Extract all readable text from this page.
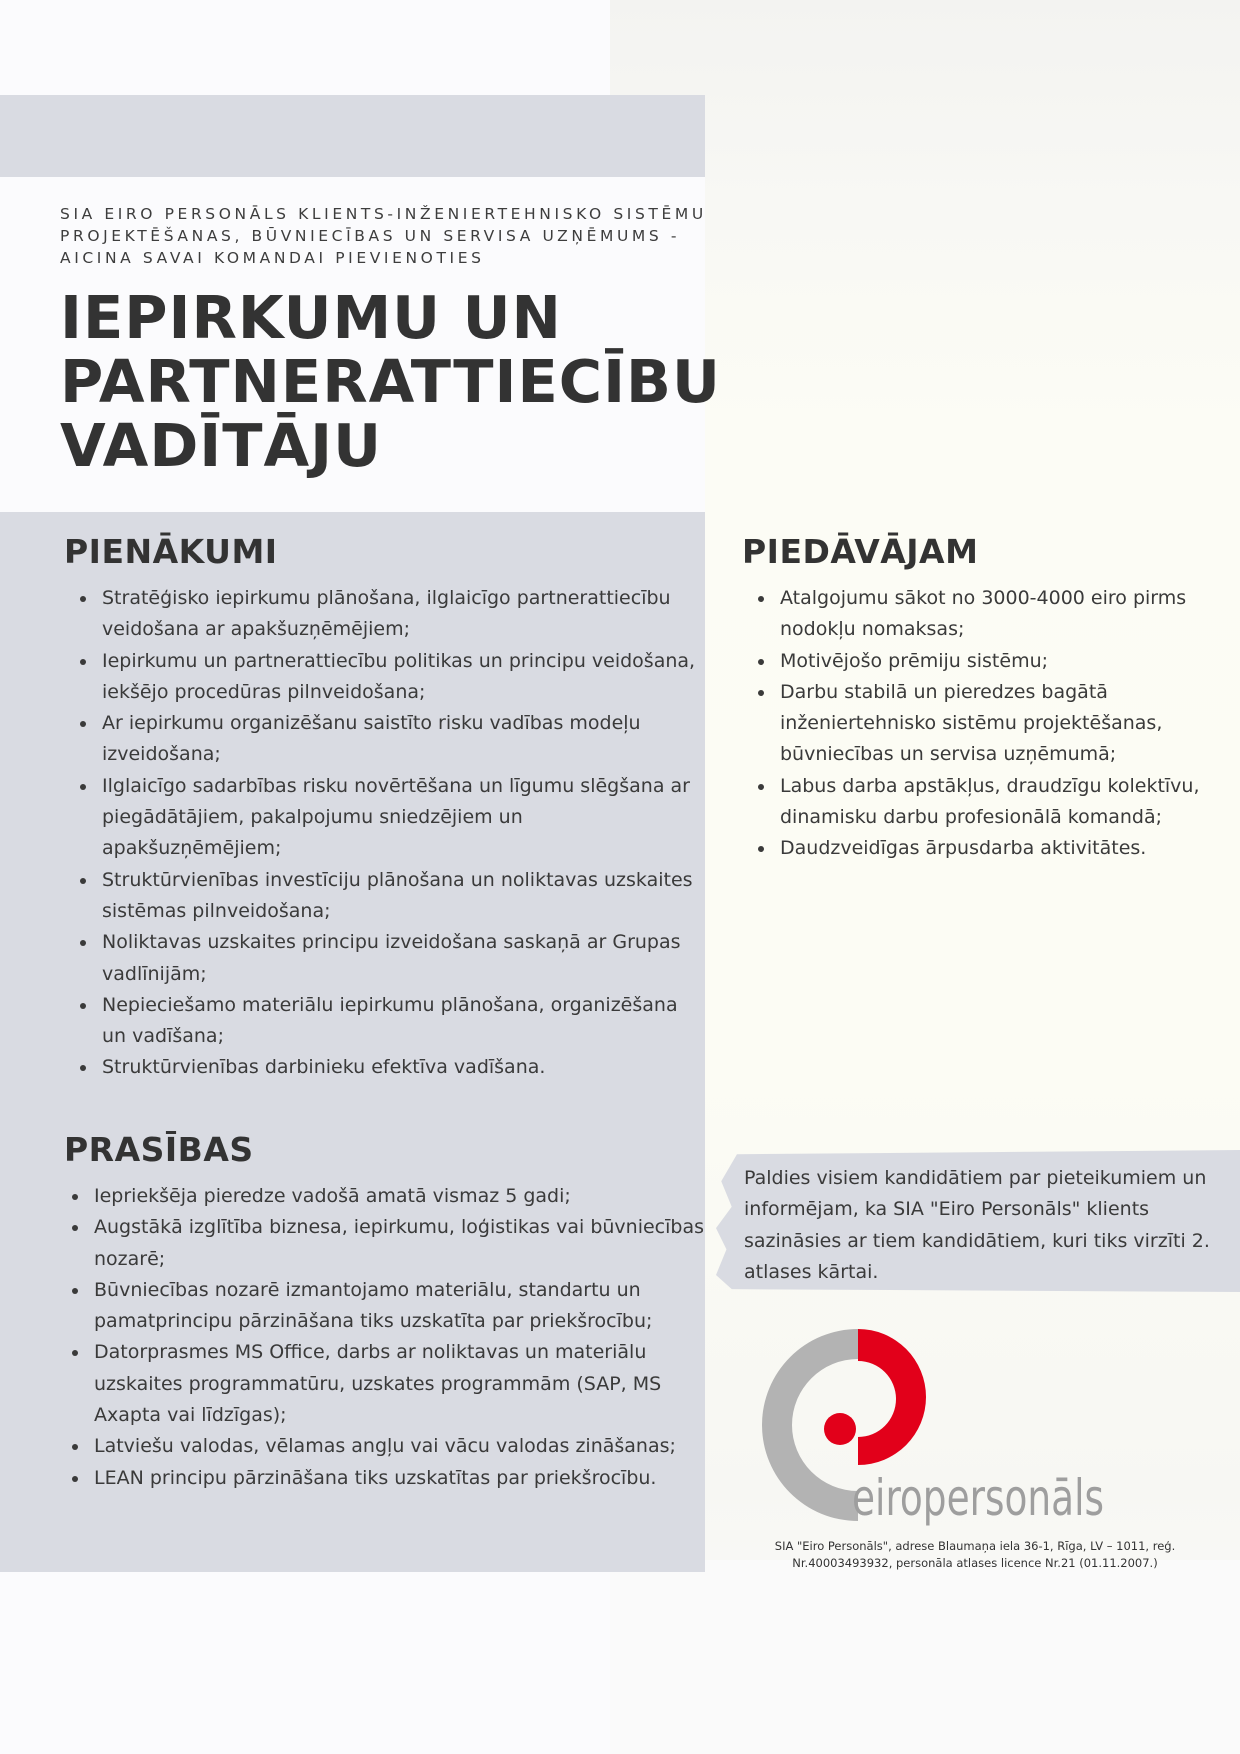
SIA EIRO PERSONĀLS KLIENTS-INŽENIERTEHNISKO SISTĒMU
PROJEKTĒŠANAS, BŪVNIECĪBAS UN SERVISA UZŅĒMUMS -
AICINA SAVAI KOMANDAI PIEVIENOTIES
IEPIRKUMU UN
PARTNERATTIECĪBU
VADĪTĀJU
PIENĀKUMI
Stratēģisko iepirkumu plānošana, ilglaicīgo partnerattiecību veidošana ar apakšuzņēmējiem;
Iepirkumu un partnerattiecību politikas un principu veidošana, iekšējo procedūras pilnveidošana;
Ar iepirkumu organizēšanu saistīto risku vadības modeļu izveidošana;
Ilglaicīgo sadarbības risku novērtēšana un līgumu slēgšana ar piegādātājiem, pakalpojumu sniedzējiem un apakšuzņēmējiem;
Struktūrvienības investīciju plānošana un noliktavas uzskaites sistēmas pilnveidošana;
Noliktavas uzskaites principu izveidošana saskaņā ar Grupas vadlīnijām;
Nepieciešamo materiālu iepirkumu plānošana, organizēšana un vadīšana;
Struktūrvienības darbinieku efektīva vadīšana.
PIEDĀVĀJAM
Atalgojumu sākot no 3000-4000 eiro pirms nodokļu nomaksas;
Motivējošo prēmiju sistēmu;
Darbu stabilā un pieredzes bagātā inženiertehnisko sistēmu projektēšanas, būvniecības un servisa uzņēmumā;
Labus darba apstākļus, draudzīgu kolektīvu, dinamisku darbu profesionālā komandā;
Daudzveidīgas ārpusdarba aktivitātes.
PRASĪBAS
Iepriekšēja pieredze vadošā amatā vismaz 5 gadi;
Augstākā izglītība biznesa, iepirkumu, loģistikas vai būvniecības nozarē;
Būvniecības nozarē izmantojamo materiālu, standartu un pamatprincipu pārzināšana tiks uzskatīta par priekšrocību;
Datorprasmes MS Office, darbs ar noliktavas un materiālu uzskaites programmatūru, uzskates programmām (SAP, MS Axapta vai līdzīgas);
Latviešu valodas, vēlamas angļu vai vācu valodas zināšanas;
LEAN principu pārzināšana tiks uzskatītas par priekšrocību.
Paldies visiem kandidātiem par pieteikumiem un informējam, ka SIA "Eiro Personāls" klients sazināsies ar tiem kandidātiem, kuri tiks virzīti 2. atlases kārtai.
eiropersonāls
SIA "Eiro Personāls", adrese Blaumaņa iela 36-1, Rīga, LV – 1011, reģ.
Nr.40003493932, personāla atlases licence Nr.21 (01.11.2007.)
